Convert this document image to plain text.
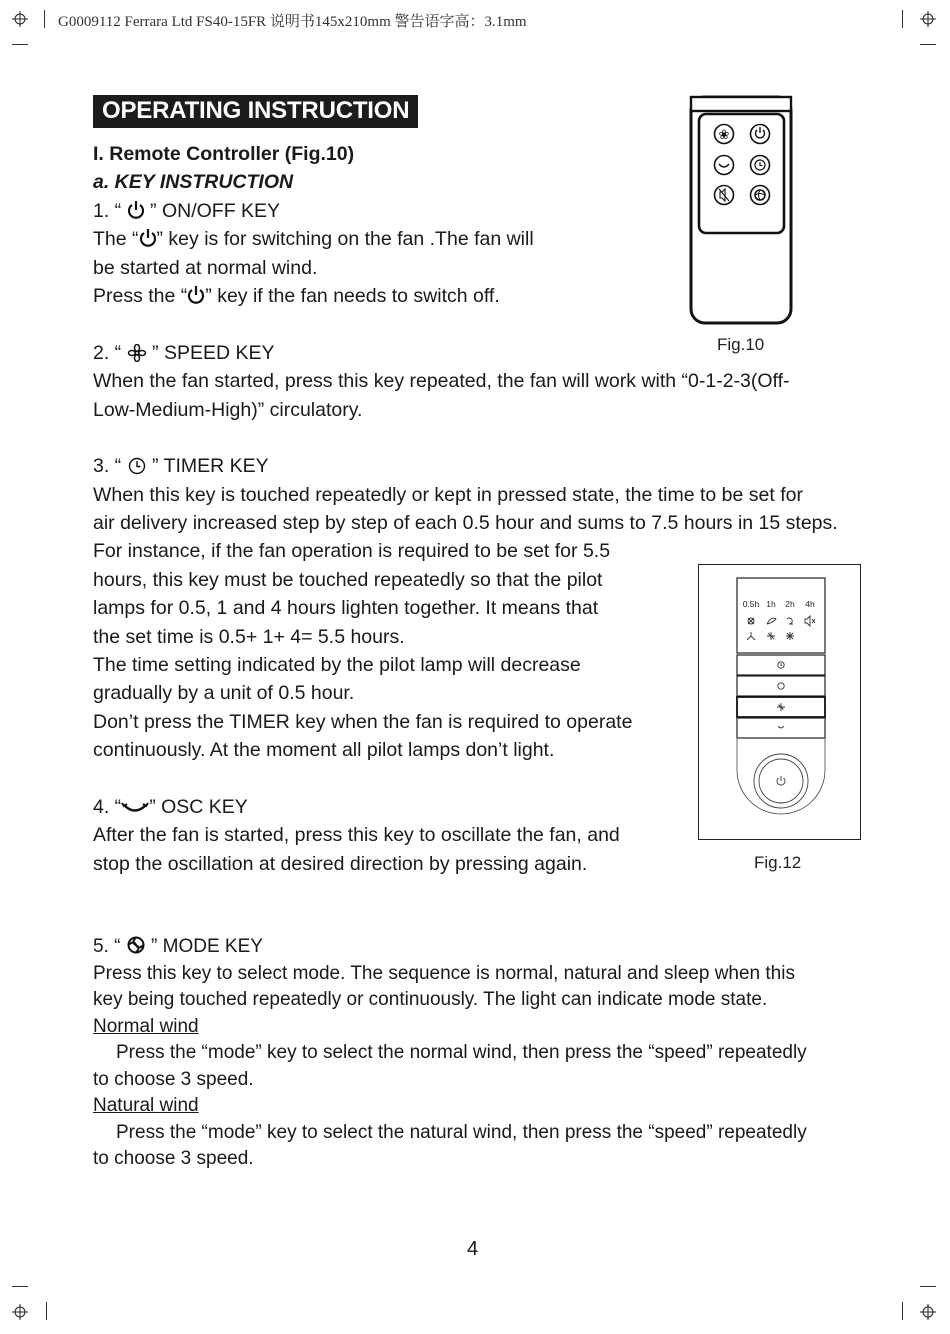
G0009112 Ferrara Ltd FS40-15FR 说明书145x210mm 警告语字高：3.1mm
OPERATING INSTRUCTION
I. Remote Controller (Fig.10)
a. KEY INSTRUCTION
1. “  ” ON/OFF KEY
The “ ” key is for switching on the fan .The fan will
be started at normal wind.
Press the “ ” key if the fan needs to switch off.
2. “  ” SPEED KEY
When the fan started, press this key repeated, the fan will work with “0-1-2-3(Off-
Low-Medium-High)” circulatory.
3. “  ” TIMER KEY
When this key is touched repeatedly or kept in pressed state, the time to be set for
air delivery increased step by step of each 0.5 hour and sums to 7.5 hours in 15 steps.
For instance, if the fan operation is required to be set for 5.5
hours, this key must be touched repeatedly so that the pilot
lamps for 0.5, 1 and 4 hours lighten together. It means that
the set time is 0.5+ 1+ 4= 5.5 hours.
The time setting indicated by the pilot lamp will decrease
gradually by a unit of 0.5 hour.
Don’t press the TIMER key when the fan is required to operate
continuously. At the moment all pilot lamps don’t light.
4. “ ” OSC KEY
After the fan is started, press this key to oscillate the fan, and
stop the oscillation at desired direction by pressing again.
5. “  ” MODE KEY
Press this key to select mode. The sequence is normal, natural and sleep when this
key being touched repeatedly or continuously. The light can indicate mode state.
Normal wind
Press the “mode” key to select the normal wind, then press the “speed” repeatedly
to choose 3 speed.
Natural wind
Press the “mode” key to select the natural wind, then press the “speed” repeatedly
to choose 3 speed.
❀
Fig.10
0.5h 1h 2h 4h
Fig.12
4
